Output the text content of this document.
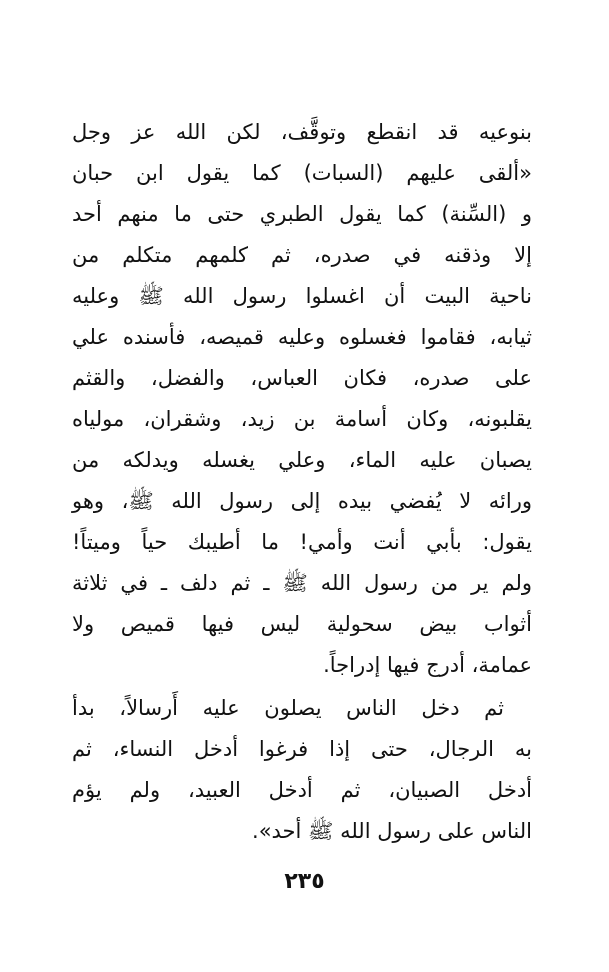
بنوعيه قد انقطع وتوقَّف، لكن الله عز وجل
«ألقى عليهم (السبات) كما يقول ابن حبان
و (السِّنة) كما يقول الطبري حتى ما منهم أحد
إلا وذقنه في صدره، ثم كلمهم متكلم من
ناحية البيت أن اغسلوا رسول الله ﷺ وعليه
ثيابه، فقاموا فغسلوه وعليه قميصه، فأسنده علي
على صدره، فكان العباس، والفضل، والقثم
يقلبونه، وكان أسامة بن زيد، وشقران، مولياه
يصبان عليه الماء، وعلي يغسله ويدلكه من
ورائه لا يُفضي بيده إلى رسول الله ﷺ، وهو
يقول: بأبي أنت وأمي! ما أطيبك حياً وميتاً!
ولم ير من رسول الله ﷺ ـ ثم دلف ـ في ثلاثة
أثواب بيض سحولية ليس فيها قميص ولا
عمامة، أدرج فيها إدراجاً.
ثم دخل الناس يصلون عليه أَرسالاً، بدأ
به الرجال، حتى إذا فرغوا أدخل النساء، ثم
أدخل الصبيان، ثم أدخل العبيد، ولم يؤم
الناس على رسول الله ﷺ أحد».
٢٣٥
